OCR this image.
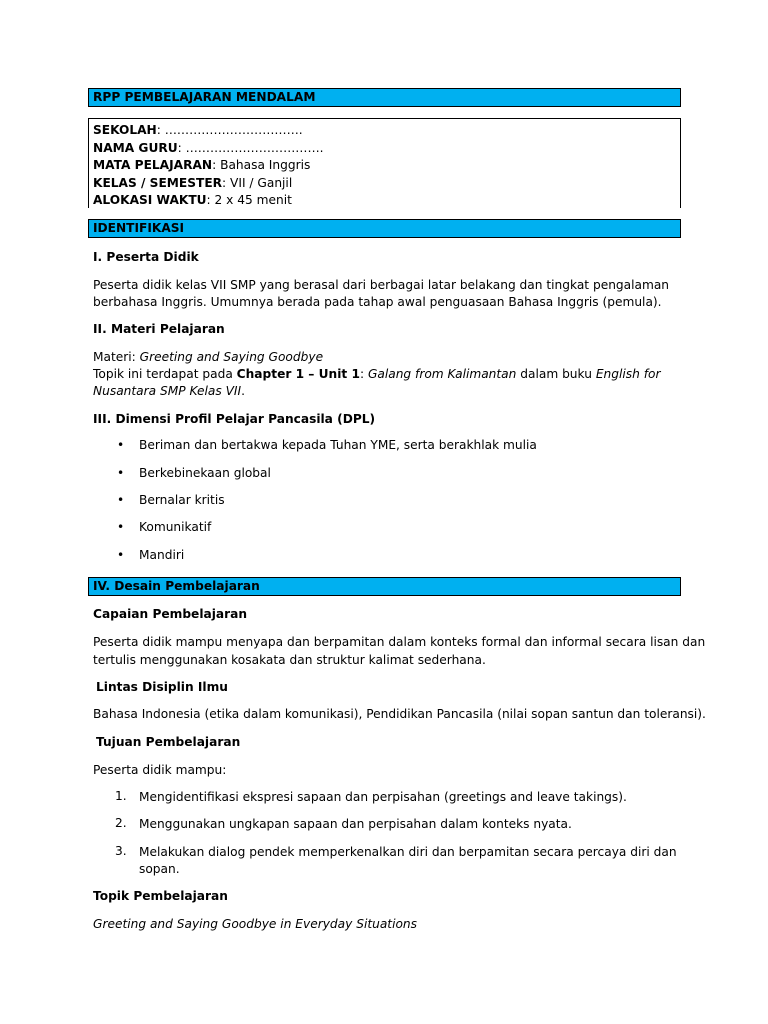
RPP PEMBELAJARAN MENDALAM
SEKOLAH: …………………………….
NAMA GURU: …………………………….
MATA PELAJARAN: Bahasa Inggris
KELAS / SEMESTER: VII / Ganjil
ALOKASI WAKTU: 2 x 45 menit
IDENTIFIKASI
I. Peserta Didik
Peserta didik kelas VII SMP yang berasal dari berbagai latar belakang dan tingkat pengalaman
berbahasa Inggris. Umumnya berada pada tahap awal penguasaan Bahasa Inggris (pemula).
II. Materi Pelajaran
Materi: Greeting and Saying Goodbye
Topik ini terdapat pada Chapter 1 – Unit 1: Galang from Kalimantan dalam buku English for
Nusantara SMP Kelas VII.
III. Dimensi Profil Pelajar Pancasila (DPL)
• Beriman dan bertakwa kepada Tuhan YME, serta berakhlak mulia
• Berkebinekaan global
• Bernalar kritis
• Komunikatif
• Mandiri
IV. Desain Pembelajaran
Capaian Pembelajaran
Peserta didik mampu menyapa dan berpamitan dalam konteks formal dan informal secara lisan dan
tertulis menggunakan kosakata dan struktur kalimat sederhana.
Lintas Disiplin Ilmu
Bahasa Indonesia (etika dalam komunikasi), Pendidikan Pancasila (nilai sopan santun dan toleransi).
Tujuan Pembelajaran
Peserta didik mampu:
1. Mengidentifikasi ekspresi sapaan dan perpisahan (greetings and leave takings).
2. Menggunakan ungkapan sapaan dan perpisahan dalam konteks nyata.
3. Melakukan dialog pendek memperkenalkan diri dan berpamitan secara percaya diri dan
sopan.
Topik Pembelajaran
Greeting and Saying Goodbye in Everyday Situations
